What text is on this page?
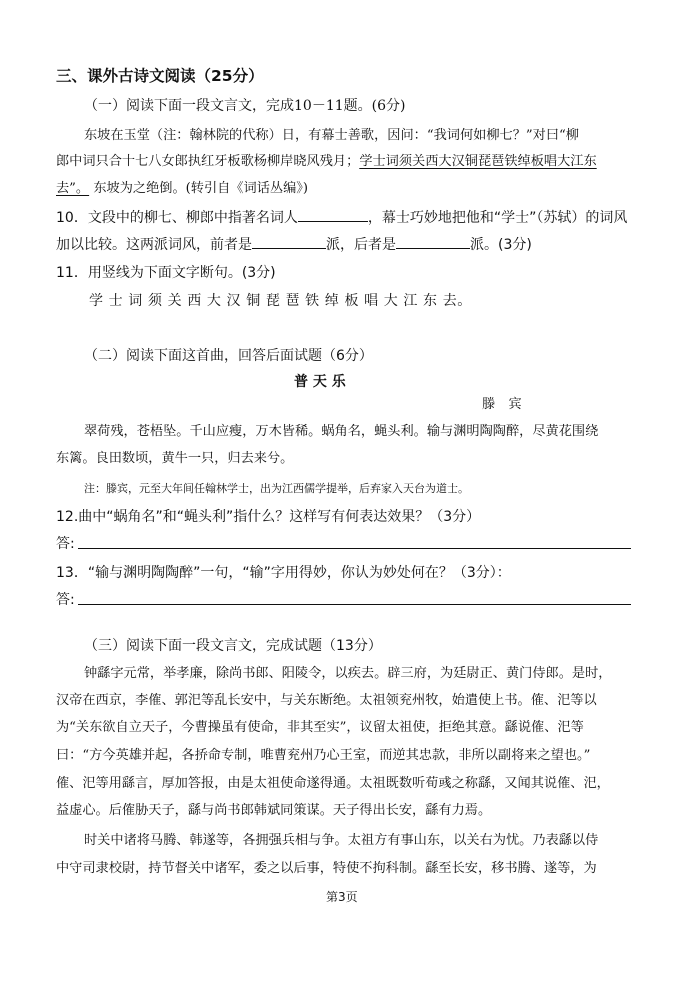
三、课外古诗文阅读（25分）
（一）阅读下面一段文言文，完成10－11题。(6分)
东坡在玉堂（注：翰林院的代称）日，有幕士善歌，因问：“我词何如柳七？”对曰“柳
郎中词只合十七八女郎执红牙板歌杨柳岸晓风残月；学士词须关西大汉铜琵琶铁绰板唱大江东
去”。 东坡为之绝倒。(转引自《词话丛编》)
10．文段中的柳七、柳郎中指著名词人	，幕士巧妙地把他和“学士”（苏轼）的词风
加以比较。这两派词风，前者是	派，后者是	派。(3分)
11．用竖线为下面文字断句。(3分)
学 士 词 须 关 西 大 汉 铜 琵 琶 铁 绰 板 唱 大 江 东 去。
（二）阅读下面这首曲，回答后面试题（6分）
普 天 乐
滕　宾
翠荷残，苍梧坠。千山应瘦，万木皆稀。蜗角名，蝇头利。输与渊明陶陶醉，尽黄花围绕
东篱。良田数顷，黄牛一只，归去来兮。
注：滕宾，元至大年间任翰林学士，出为江西儒学提举，后弃家入天台为道士。
12.曲中“蜗角名”和“蝇头利”指什么？这样写有何表达效果？（3分）
答:
13．“输与渊明陶陶醉”一句，“输”字用得妙，你认为妙处何在？（3分）：
答:
（三）阅读下面一段文言文，完成试题（13分）
钟繇字元常，举孝廉，除尚书郎、阳陵令，以疾去。辟三府，为廷尉正、黄门侍郎。是时，
汉帝在西京，李傕、郭汜等乱长安中，与关东断绝。太祖领兖州牧，始遣使上书。傕、汜等以
为“关东欲自立天子，今曹操虽有使命，非其至实”，议留太祖使，拒绝其意。繇说傕、汜等
曰：“方今英雄并起，各挢命专制，唯曹兖州乃心王室，而逆其忠款，非所以副将来之望也。”
傕、汜等用繇言，厚加答报，由是太祖使命遂得通。太祖既数听荀彧之称繇，又闻其说傕、汜，
益虚心。后傕胁天子，繇与尚书郎韩斌同策谋。天子得出长安，繇有力焉。
时关中诸将马腾、韩遂等，各拥强兵相与争。太祖方有事山东，以关右为忧。乃表繇以侍
中守司隶校尉，持节督关中诸军，委之以后事，特使不拘科制。繇至长安，移书腾、遂等，为
第3页
